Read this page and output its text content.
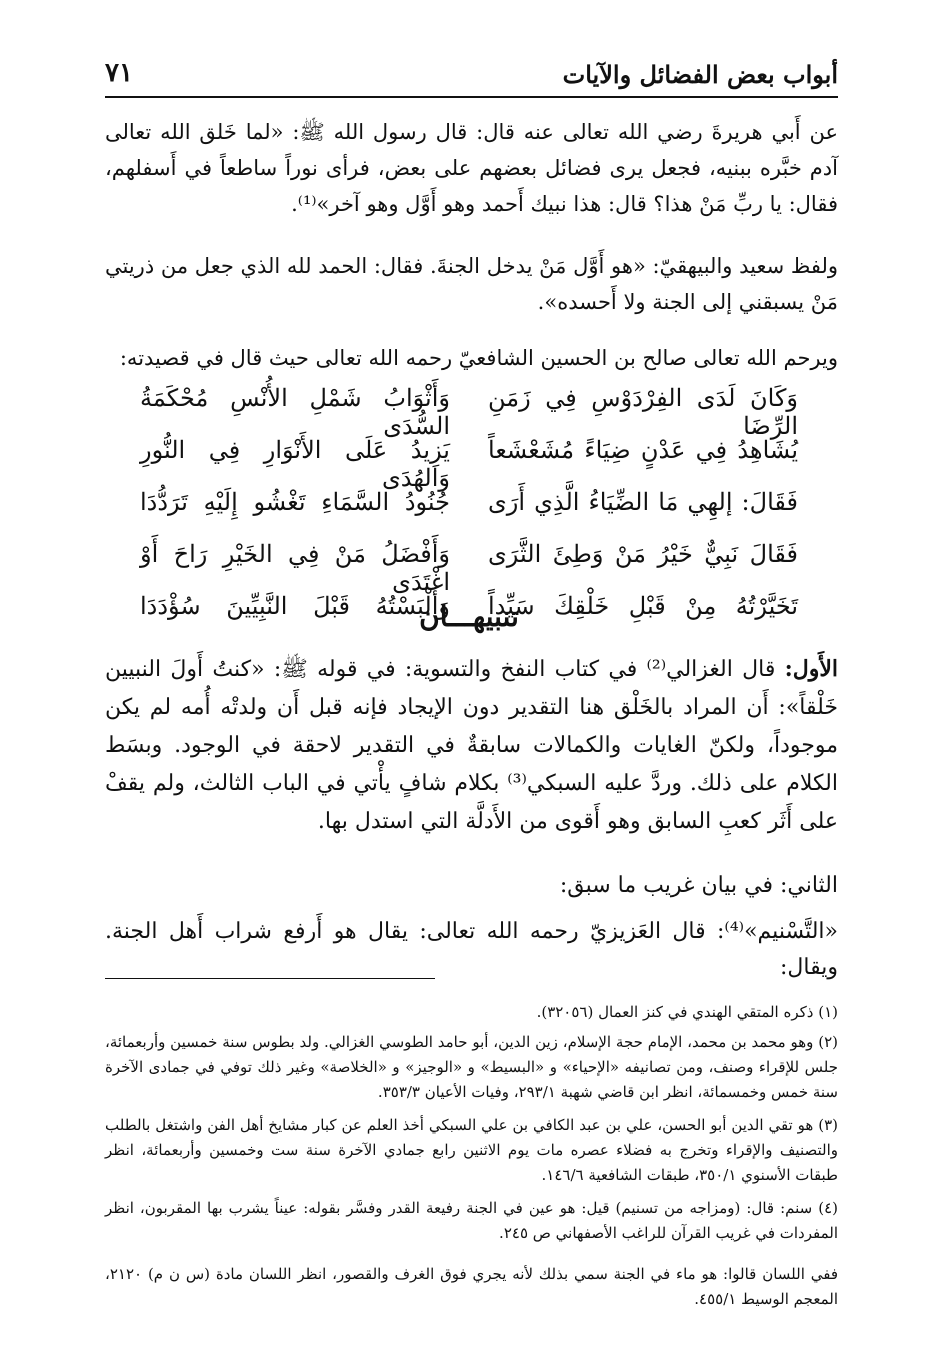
أبواب بعض الفضائل والآيات
٧١
عن أَبي هريرةَ رضي الله تعالى عنه قال: قال رسول الله ﷺ: «لما خَلق الله تعالى آدم خبَّره ببنيه، فجعل يرى فضائل بعضهم على بعض، فرأى نوراً ساطعاً في أَسفلهم، فقال: يا ربِّ مَنْ هذا؟ قال: هذا نبيك أَحمد وهو أَوَّل وهو آخر»⁽¹⁾.
ولفظ سعيد والبيهقيّ: «هو أَوَّل مَنْ يدخل الجنةَ. فقال: الحمد لله الذي جعل من ذريتي مَنْ يسبقني إلى الجنة ولا أَحسده».
ويرحم الله تعالى صالح بن الحسين الشافعيّ رحمه الله تعالى حيث قال في قصيدته:
وَكَانَ لَدَى الفِرْدَوْسِ فِي زَمَنِ الرِّضَا
وَأَثْوَابُ شَمْلِ الأُنْسِ مُحْكَمَةُ السُّدَى
يُشَاهِدُ فِي عَدْنٍ ضِيَاءً مُشَعْشَعاً
يَزِيدُ عَلَى الأَنْوَارِ فِي النُّورِ وَالهُدَى
فَقَالَ: إلهِي مَا الضِّيَاءُ الَّذِي أَرَى
جُنُودُ السَّمَاءِ تَغْشُو إِلَيْهِ تَرَدُّدَا
فَقَالَ نَبِيٌّ خَيْرُ مَنْ وَطِئَ الثَّرَى
وَأَفْضَلُ مَنْ فِي الخَيْرِ رَاحَ أَوْ اغْتَدَى
تَخَيَّرْتُهُ مِنْ قَبْلِ خَلْقِكَ سَيِّداً
وَأَلْبَسْتُهُ قَبْلَ النَّبِيِّينَ سُؤْدَدَا
تنبيهـــان
الأَول: قال الغزالي⁽²⁾ في كتاب النفخ والتسوية: في قوله ﷺ: «كنتُ أَولَ النبيين خَلْقاً»: أَن المراد بالخَلْق هنا التقدير دون الإيجاد فإنه قبل أَن ولدتْه أُمه لم يكن موجوداً، ولكنّ الغايات والكمالات سابقةٌ في التقدير لاحقة في الوجود. وبسَط الكلام على ذلك. وردَّ عليه السبكي⁽³⁾ بكلام شافٍ يأْتي في الباب الثالث، ولم يقفْ على أَثَر كعبِ السابق وهو أَقوى من الأَدلَّة التي استدل بها.
الثاني: في بيان غريب ما سبق:
«التَّسْنيم»⁽⁴⁾: قال العَزيزيّ رحمه الله تعالى: يقال هو أَرفع شراب أَهل الجنة. ويقال:
(١) ذكره المتقي الهندي في كنز العمال (٣٢٠٥٦).
(٢) وهو محمد بن محمد، الإمام حجة الإسلام، زين الدين، أبو حامد الطوسي الغزالي. ولد بطوس سنة خمسين وأربعمائة، جلس للإقراء وصنف، ومن تصانيفه «الإحياء» و «البسيط» و «الوجيز» و «الخلاصة» وغير ذلك توفي في جمادى الآخرة سنة خمس وخمسمائة، انظر ابن قاضي شهبة ٢٩٣/١، وفيات الأعيان ٣٥٣/٣.
(٣) هو تقي الدين أبو الحسن، علي بن عبد الكافي بن علي السبكي أخذ العلم عن كبار مشايخ أهل الفن واشتغل بالطلب والتصنيف والإقراء وتخرج به فضلاء عصره مات يوم الاثنين رابع جمادي الآخرة سنة ست وخمسين وأربعمائة، انظر طبقات الأسنوي ٣٥٠/١، طبقات الشافعية ١٤٦/٦.
(٤) سنم: قال: (ومزاجه من تسنيم) قيل: هو عين في الجنة رفيعة القدر وفسَّر بقوله: عيناً يشرب بها المقربون، انظر المفردات في غريب القرآن للراغب الأصفهاني ص ٢٤٥.
ففي اللسان قالوا: هو ماء في الجنة سمي بذلك لأنه يجري فوق الغرف والقصور، انظر اللسان مادة (س ن م) ٢١٢٠، المعجم الوسيط ٤٥٥/١.
